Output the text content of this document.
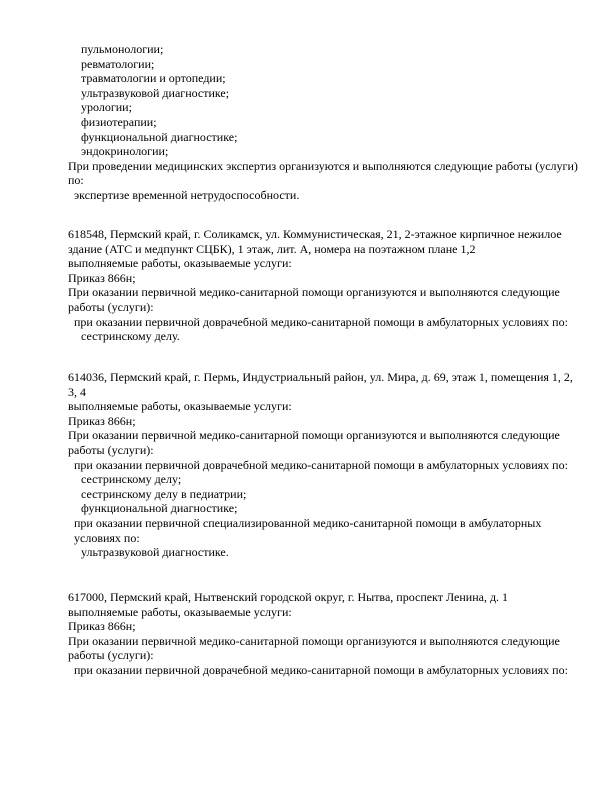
пульмонологии;

ревматологии;

травматологии и ортопедии;

ультразвуковой диагностике;

урологии;

физиотерапии;

функциональной диагностике;

эндокринологии;

При проведении медицинских экспертиз организуются и выполняются следующие работы (услуги) по:

экспертизе временной нетрудоспособности.

618548, Пермский край, г. Соликамск, ул. Коммунистическая, 21, 2-этажное кирпичное нежилое здание (АТС и медпункт СЦБК), 1 этаж, лит. А, номера на поэтажном плане 1,2

выполняемые работы, оказываемые услуги:

Приказ 866н;

При оказании первичной медико-санитарной помощи организуются и выполняются следующие работы (услуги):

при оказании первичной доврачебной медико-санитарной помощи в амбулаторных условиях по:

сестринскому делу.

614036, Пермский край, г. Пермь, Индустриальный район, ул. Мира, д. 69, этаж 1, помещения 1, 2, 3, 4

выполняемые работы, оказываемые услуги:

Приказ 866н;

При оказании первичной медико-санитарной помощи организуются и выполняются следующие работы (услуги):

при оказании первичной доврачебной медико-санитарной помощи в амбулаторных условиях по:

сестринскому делу;

сестринскому делу в педиатрии;

функциональной диагностике;

при оказании первичной специализированной медико-санитарной помощи в амбулаторных условиях по:

ультразвуковой диагностике.

617000, Пермский край, Нытвенский городской округ, г. Нытва, проспект Ленина, д. 1

выполняемые работы, оказываемые услуги:

Приказ 866н;

При оказании первичной медико-санитарной помощи организуются и выполняются следующие работы (услуги):

при оказании первичной доврачебной медико-санитарной помощи в амбулаторных условиях по:
